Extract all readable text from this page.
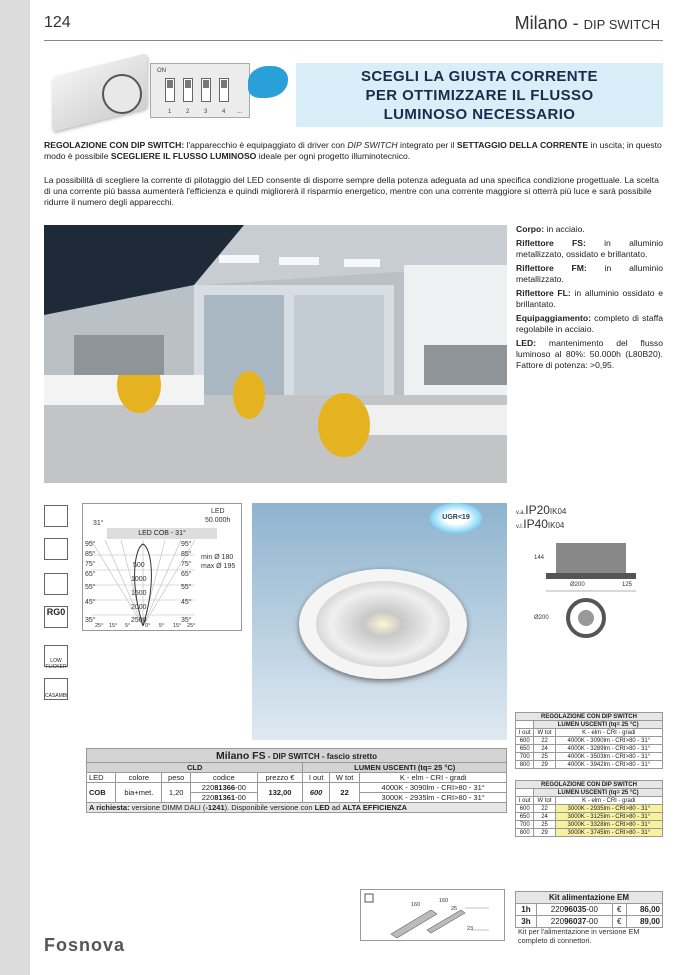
124	Milano - DIP SWITCH
ON
1 2 3 4 ...
SCEGLI LA GIUSTA CORRENTE
PER OTTIMIZZARE IL FLUSSO
LUMINOSO NECESSARIO
REGOLAZIONE CON DIP SWITCH: l'apparecchio è equipaggiato di driver con DIP SWITCH integrato per il SETTAGGIO DELLA CORRENTE in uscita; in questo modo è possibile SCEGLIERE IL FLUSSO LUMINOSO ideale per ogni progetto illuminotecnico.
La possibilità di scegliere la corrente di pilotaggio del LED consente di disporre sempre della potenza adeguata ad una specifica condizione progettuale. La scelta di una corrente più bassa aumenterà l'efficienza e quindi migliorerà il risparmio energetico, mentre con una corrente maggiore si otterrà più luce e sarà possibile ridurre il numero degli apparecchi.

Corpo: in acciaio.

Riflettore FS: in alluminio metallizzato, ossidato e brillantato.

Riflettore FM: in alluminio metallizzato.

Riflettore FL: in alluminio ossidato e brillantato.

Equipaggiamento: completo di staffa regolabile in acciaio.

LED: mantenimento del flusso luminoso al 80%: 50.000h (L80B20). Fattore di potenza: >0,95.

RG0
LOW FLICKER
CASAMBI
LED
50.000h
31°
LED COB - 31°
95°
85°
75°
65°
55°
45°
35°
95°
85°
75°
65°
55°
45°
35°
500
1000
1500
2000
2500
25° 15° 5°	0° 5° 15° 25°
min Ø 180
max Ø 195
UGR<19
v.a.IP20IK04
v.l.IP40IK04
144
Ø200	125
Ø200
REGOLAZIONE CON DIP SWITCH		
	LUMEN USCENTI (tq= 25 °C)	
I out	W tot	K - elm - CRI - gradi
600	22	4000K - 3090lm - CRI>80 - 31°
650	24	4000K - 3289lm - CRI>80 - 31°
700	25	4000K - 3503lm - CRI>80 - 31°
800	29	4000K - 3942lm - CRI>80 - 31°
REGOLAZIONE CON DIP SWITCH		
	LUMEN USCENTI (tq= 25 °C)	
I out	W tot	K - elm - CRI - gradi
600	22	3000K - 2935lm - CRI>80 - 31°
650	24	3000K - 3125lm - CRI>80 - 31°
700	25	3000K - 3328lm - CRI>80 - 31°
800	29	3000K - 3745lm - CRI>80 - 31°
Milano FS - DIP SWITCH - fascio stretto							
CLD					LUMEN USCENTI (tq= 25 °C)		
LED	colore	peso	codice	prezzo €	I out	W tot	K - elm - CRI - gradi
COB	bia+met.	1,20	22081366-00	132,00	600	22	4000K - 3090lm - CRI>80 - 31°
			22081361-00				3000K - 2935lm - CRI>80 - 31°
A richiesta: versione DIMM DALI (-1241). Disponibile versione con LED ad ALTA EFFICIENZA							
160
160
25
23
Kit alimentazione EM			
1h	22096035-00	€	86,00
3h	22096037-00	€	89,00
Kit per l'alimentazione in versione EM completo di connettori.
Fosnova
